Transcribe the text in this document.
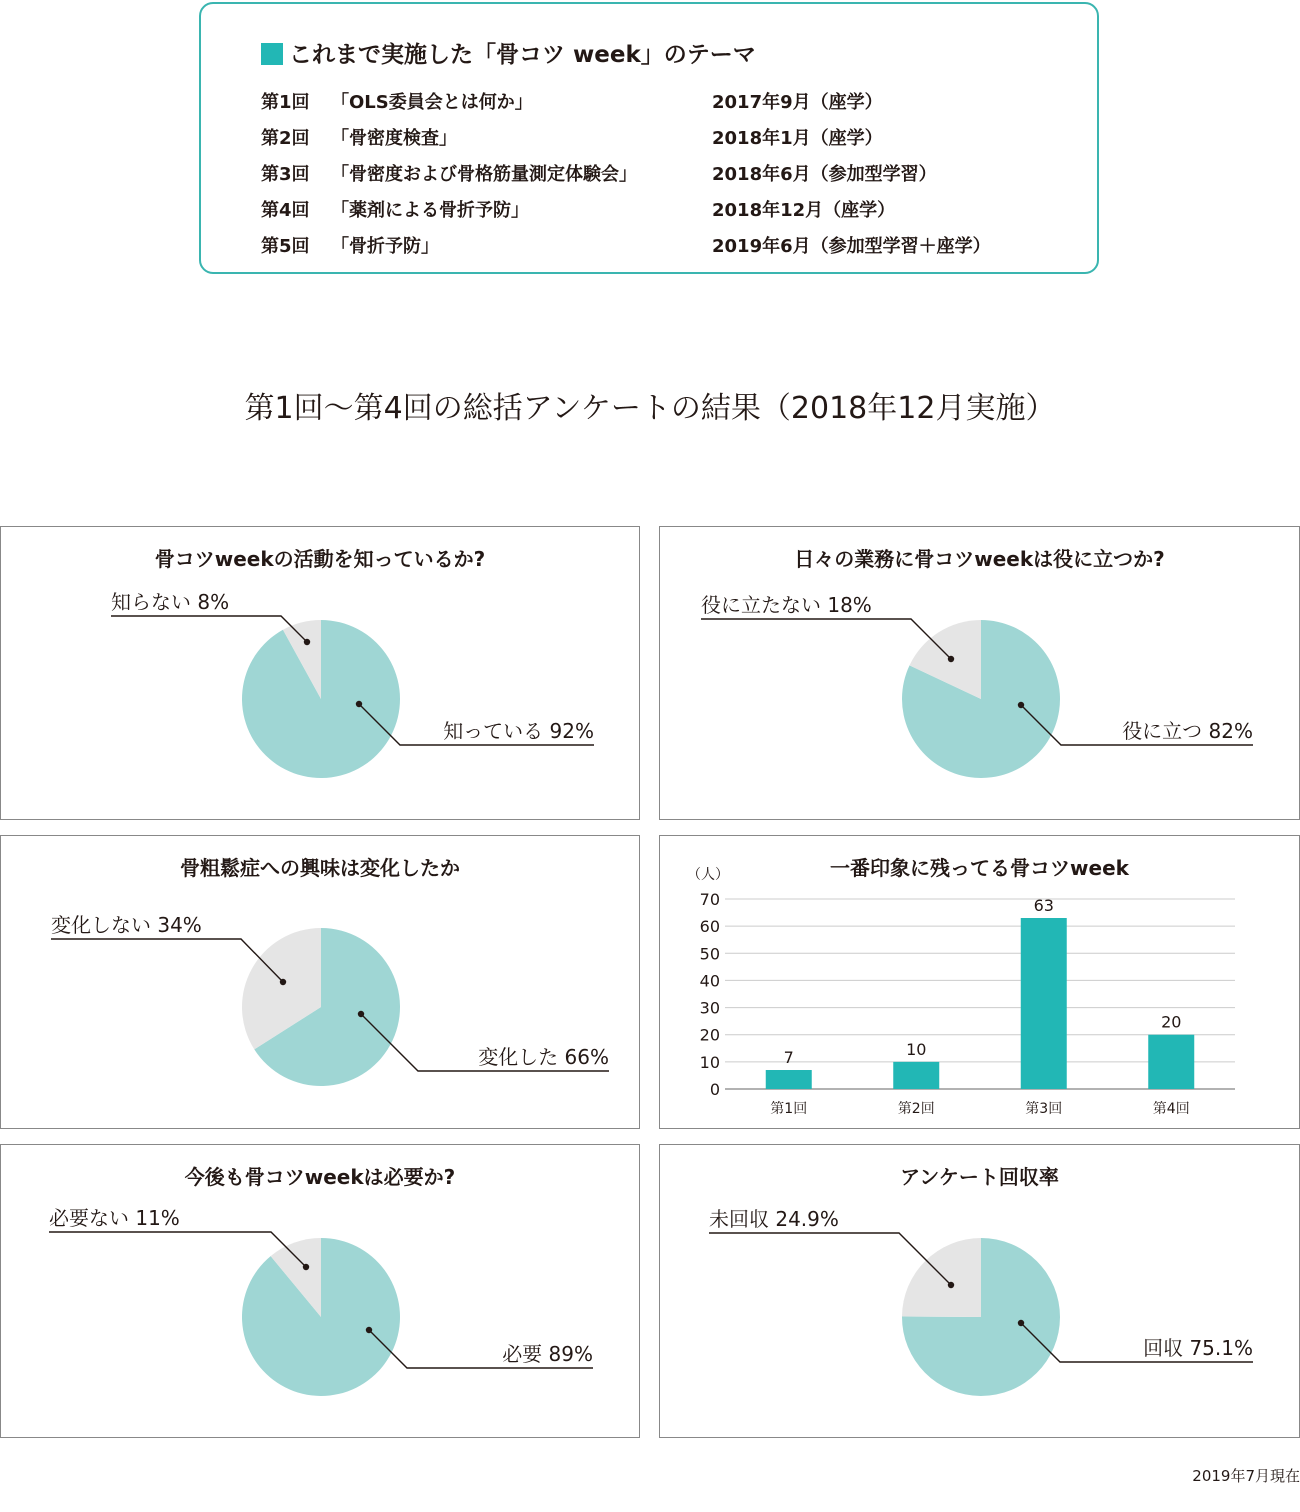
これまで実施した「骨コツ week」のテーマ
第1回 「OLS委員会とは何か」	2017年9月（座学）
第2回 「骨密度検査」	2018年1月（座学）
第3回 「骨密度および骨格筋量測定体験会」	2018年6月（参加型学習）
第4回 「薬剤による骨折予防」	2018年12月（座学）
第5回 「骨折予防」	2019年6月（参加型学習＋座学）
第1回〜第4回の総括アンケートの結果（2018年12月実施）
骨コツweekの活動を知っているか?
知らない 8%
知っている 92%
日々の業務に骨コツweekは役に立つか?
役に立たない 18%
役に立つ 82%
骨粗鬆症への興味は変化したか
変化しない 34%
変化した 66%
一番印象に残ってる骨コツweek
0
10
20
30
40
50
60
70
（人）
7
第1回
10
第2回
63
第3回
20
第4回
今後も骨コツweekは必要か?
必要ない 11%
必要 89%
アンケート回収率
未回収 24.9%
回収 75.1%
2019年7月現在
